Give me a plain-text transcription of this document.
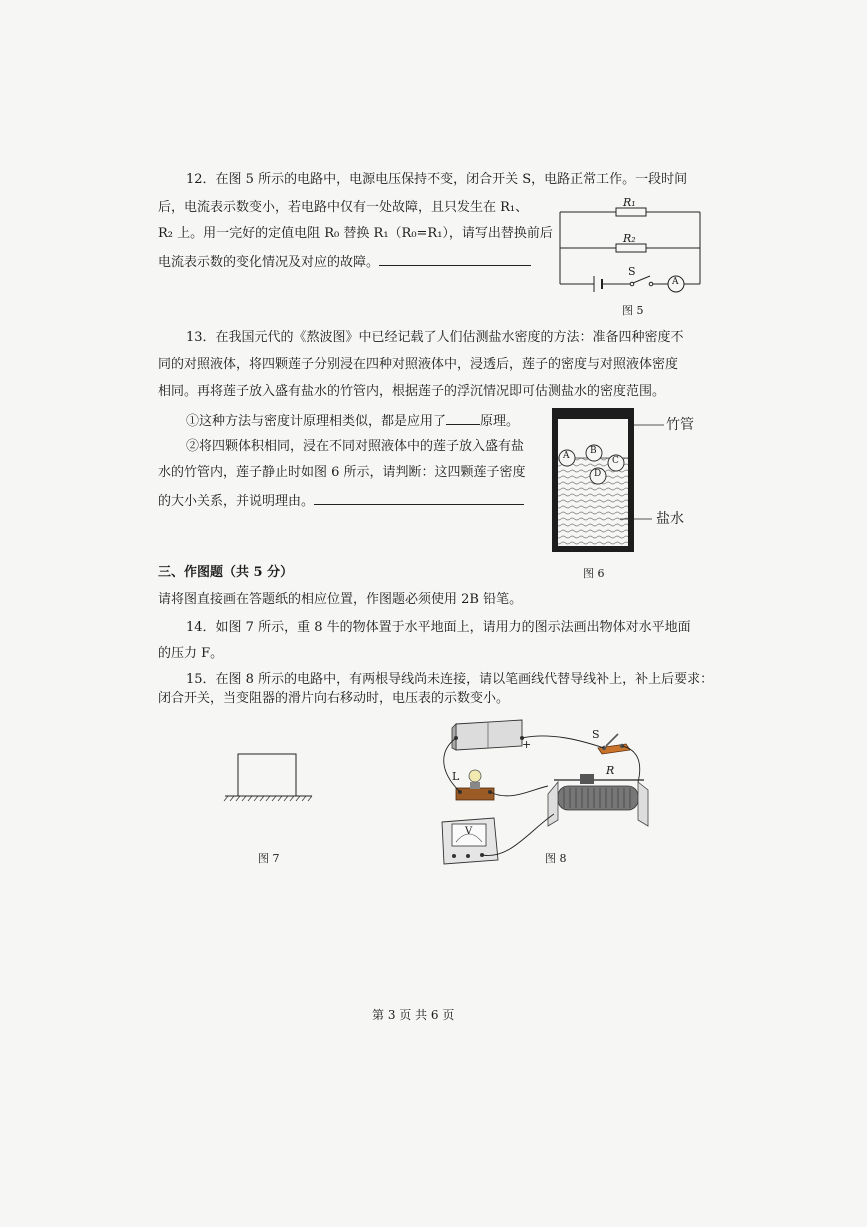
12．在图 5 所示的电路中，电源电压保持不变，闭合开关 S，电路正常工作。一段时间
后，电流表示数变小，若电路中仅有一处故障，且只发生在 R₁、
R₂ 上。用一完好的定值电阻 R₀ 替换 R₁（R₀=R₁），请写出替换前后
电流表示数的变化情况及对应的故障。
R₁
R₂
S
A
图 5
13．在我国元代的《熬波图》中已经记载了人们估测盐水密度的方法：准备四种密度不
同的对照液体，将四颗莲子分别浸在四种对照液体中，浸透后，莲子的密度与对照液体密度
相同。再将莲子放入盛有盐水的竹管内，根据莲子的浮沉情况即可估测盐水的密度范围。
①这种方法与密度计原理相类似，都是应用了	原理。
②将四颗体积相同，浸在不同对照液体中的莲子放入盛有盐
水的竹管内，莲子静止时如图 6 所示，请判断：这四颗莲子密度
的大小关系，并说明理由。
A B
C
D
竹管
盐水
图 6
三、作图题（共 5 分）
请将图直接画在答题纸的相应位置，作图题必须使用 2B 铅笔。
14．如图 7 所示，重 8 牛的物体置于水平地面上，请用力的图示法画出物体对水平地面
的压力 F。
15．在图 8 所示的电路中，有两根导线尚未连接，请以笔画线代替导线补上，补上后要求：
闭合开关，当变阻器的滑片向右移动时，电压表的示数变小。
图 7
+
S
R
L
V
图 8
第 3 页 共 6 页
